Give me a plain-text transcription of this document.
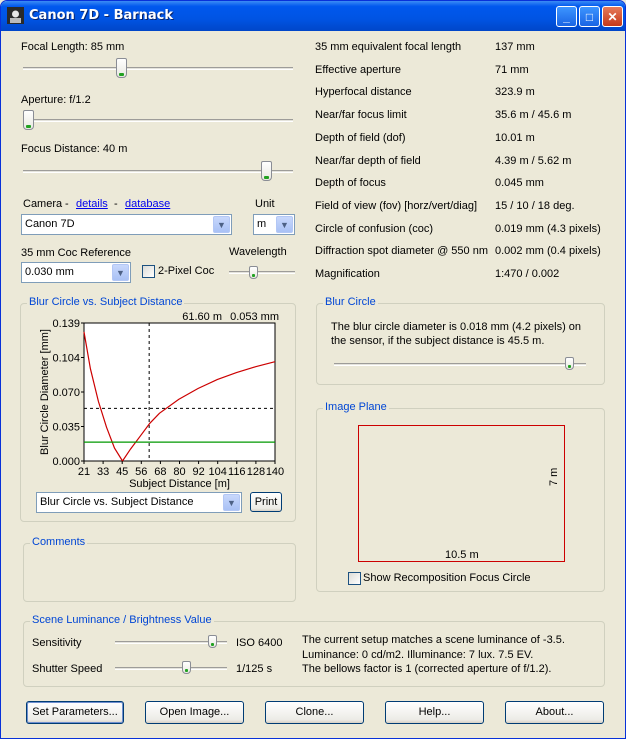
Canon 7D - Barnack	_ □ ✕
Focal Length: 85 mm
Aperture: f/1.2
Focus Distance: 40 m
Camera - details - database
Canon 7D	▼
Unit
m	▼
35 mm Coc Reference
0.030 mm	▼	2-Pixel Coc
Wavelength
35 mm equivalent focal length	137 mm
Effective aperture	71 mm
Hyperfocal distance	323.9 m
Near/far focus limit	35.6 m / 45.6 m
Depth of field (dof)	10.01 m
Near/far depth of field	4.39 m / 5.62 m
Depth of focus	0.045 mm
Field of view (fov) [horz/vert/diag] 15 / 10 / 18 deg.
Circle of confusion (coc)	0.019 mm (4.3 pixels)
Diffraction spot diameter @ 550 nm 0.002 mm (0.4 pixels)
Magnification	1:470 / 0.002
Blur Circle vs. Subject Distance
0.139
0.104
0.070
0.035
0.000
21 33 45 56 68 80 92 104 116 128 140
Subject Distance [m]
Blur Circle Diameter [mm]
61.60 m 0.053 mm
Blur Circle vs. Subject Distance	▼	Print
Blur Circle
The blur circle diameter is 0.018 mm (4.2 pixels) on the sensor, if the subject distance is 45.5 m.
Image Plane
10.5 m
7 m
Show Recomposition Focus Circle
Comments
Scene Luminance / Brightness Value
Sensitivity	ISO 6400
Shutter Speed	1/125 s
The current setup matches a scene luminance of -3.5.
Luminance: 0 cd/m2. Illuminance: 7 lux. 7.5 EV.
The bellows factor is 1 (corrected aperture of f/1.2).
Set Parameters...	Open Image...	Clone...	Help...	About...
